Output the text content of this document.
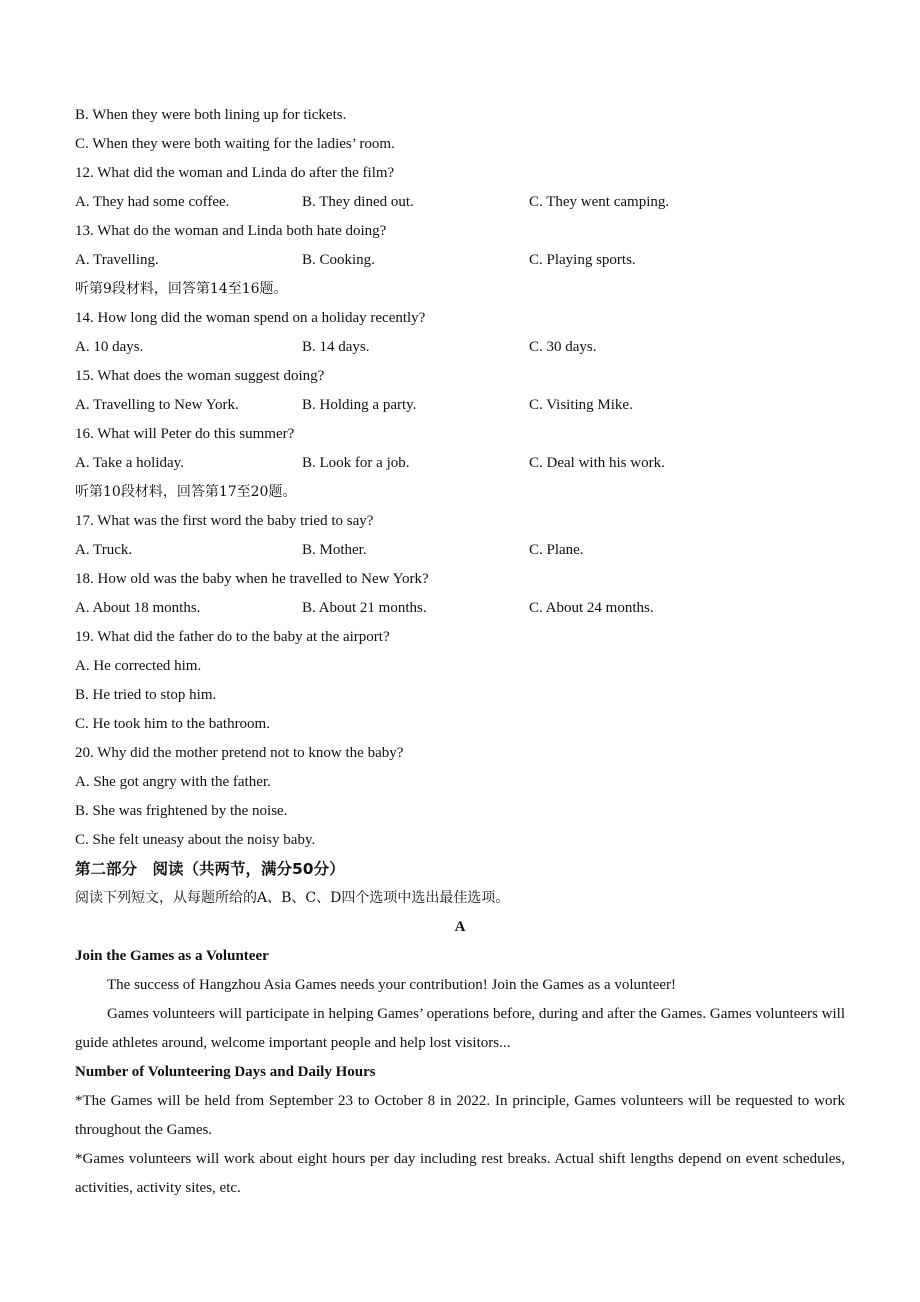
B. When they were both lining up for tickets.
C. When they were both waiting for the ladies’ room.
12. What did the woman and Linda do after the film?
A. They had some coffee.	B. They dined out.	C. They went camping.
13. What do the woman and Linda both hate doing?
A. Travelling.	B. Cooking.	C. Playing sports.
听第9段材料，回答第14至16题。
14. How long did the woman spend on a holiday recently?
A. 10 days.	B. 14 days.	C. 30 days.
15. What does the woman suggest doing?
A. Travelling to New York.	B. Holding a party.	C. Visiting Mike.
16. What will Peter do this summer?
A. Take a holiday.	B. Look for a job.	C. Deal with his work.
听第10段材料，回答第17至20题。
17. What was the first word the baby tried to say?
A. Truck.	B. Mother.	C. Plane.
18. How old was the baby when he travelled to New York?
A. About 18 months.	B. About 21 months.	C. About 24 months.
19. What did the father do to the baby at the airport?
A. He corrected him.
B. He tried to stop him.
C. He took him to the bathroom.
20. Why did the mother pretend not to know the baby?
A. She got angry with the father.
B. She was frightened by the noise.
C. She felt uneasy about the noisy baby.
第二部分　阅读（共两节，满分50分）
阅读下列短文，从每题所给的A、B、C、D四个选项中选出最佳选项。
A
Join the Games as a Volunteer

The success of Hangzhou Asia Games needs your contribution! Join the Games as a volunteer!

Games volunteers will participate in helping Games’ operations before, during and after the Games. Games volunteers will guide athletes around, welcome important people and help lost visitors...

Number of Volunteering Days and Daily Hours

*The Games will be held from September 23 to October 8 in 2022. In principle, Games volunteers will be requested to work throughout the Games.

*Games volunteers will work about eight hours per day including rest breaks. Actual shift lengths depend on event schedules, activities, activity sites, etc.
